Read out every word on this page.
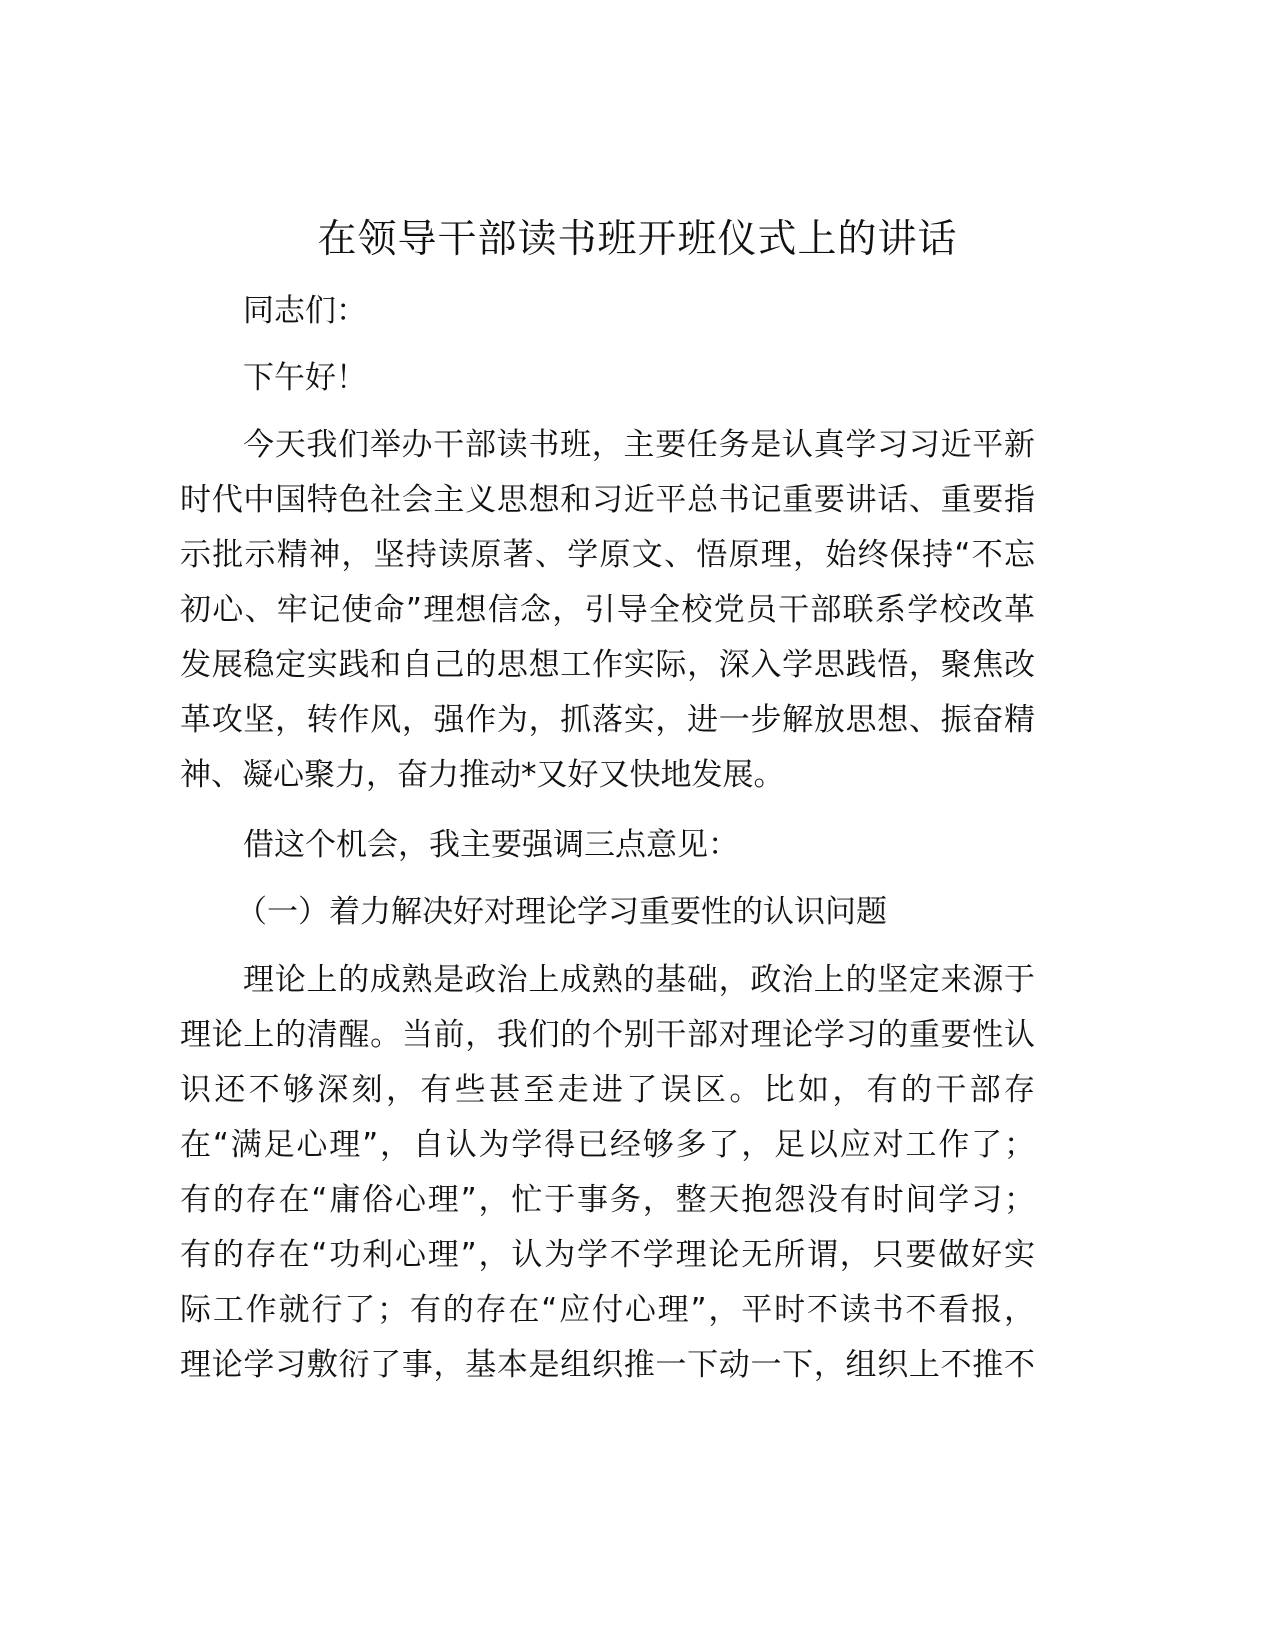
在领导干部读书班开班仪式上的讲话
同志们：
下午好！
今天我们举办干部读书班，主要任务是认真学习习近平新
时代中国特色社会主义思想和习近平总书记重要讲话、重要指
示批示精神，坚持读原著、学原文、悟原理，始终保持“不忘
初心、牢记使命”理想信念，引导全校党员干部联系学校改革
发展稳定实践和自己的思想工作实际，深入学思践悟，聚焦改
革攻坚，转作风，强作为，抓落实，进一步解放思想、振奋精
神、凝心聚力，奋力推动*又好又快地发展。
借这个机会，我主要强调三点意见：
（一）着力解决好对理论学习重要性的认识问题
理论上的成熟是政治上成熟的基础，政治上的坚定来源于
理论上的清醒。当前，我们的个别干部对理论学习的重要性认
识还不够深刻，有些甚至走进了误区。比如，有的干部存
在“满足心理”，自认为学得已经够多了，足以应对工作了；
有的存在“庸俗心理”，忙于事务，整天抱怨没有时间学习；
有的存在“功利心理”，认为学不学理论无所谓，只要做好实
际工作就行了；有的存在“应付心理”，平时不读书不看报，
理论学习敷衍了事，基本是组织推一下动一下，组织上不推不
